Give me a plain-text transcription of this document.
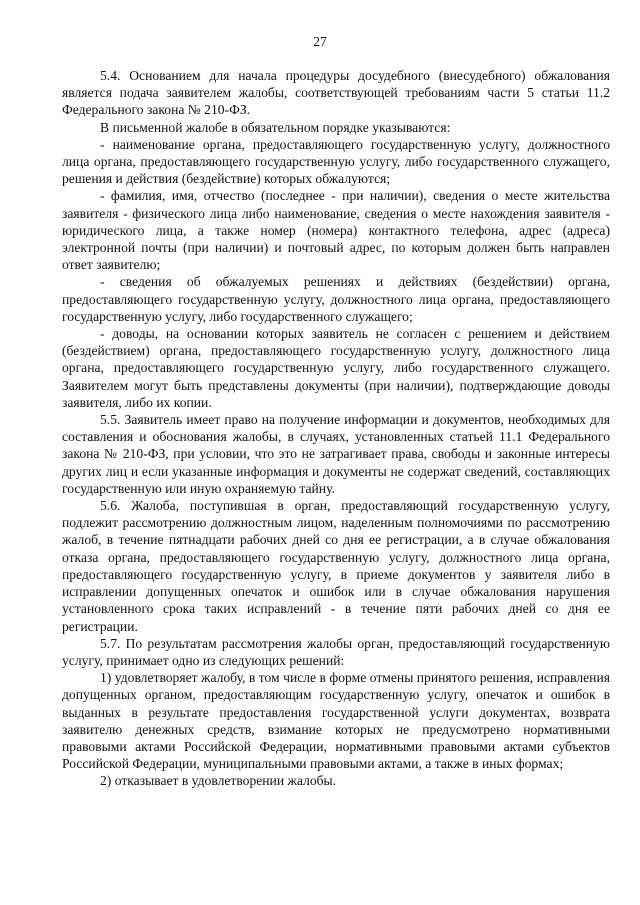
27

5.4. Основанием для начала процедуры досудебного (внесудебного) обжалования является подача заявителем жалобы, соответствующей требованиям части 5 статьи 11.2 Федерального закона № 210-ФЗ.

В письменной жалобе в обязательном порядке указываются:

- наименование органа, предоставляющего государственную услугу, должностного лица органа, предоставляющего государственную услугу, либо государственного служащего, решения и действия (бездействие) которых обжалуются;

- фамилия, имя, отчество (последнее - при наличии), сведения о месте жительства заявителя - физического лица либо наименование, сведения о месте нахождения заявителя - юридического лица, а также номер (номера) контактного телефона, адрес (адреса) электронной почты (при наличии) и почтовый адрес, по которым должен быть направлен ответ заявителю;

- сведения об обжалуемых решениях и действиях (бездействии) органа, предоставляющего государственную услугу, должностного лица органа, предоставляющего государственную услугу, либо государственного служащего;

- доводы, на основании которых заявитель не согласен с решением и действием (бездействием) органа, предоставляющего государственную услугу, должностного лица органа, предоставляющего государственную услугу, либо государственного служащего. Заявителем могут быть представлены документы (при наличии), подтверждающие доводы заявителя, либо их копии.

5.5. Заявитель имеет право на получение информации и документов, необходимых для составления и обоснования жалобы, в случаях, установленных статьей 11.1 Федерального закона № 210-ФЗ, при условии, что это не затрагивает права, свободы и законные интересы других лиц и если указанные информация и документы не содержат сведений, составляющих государственную или иную охраняемую тайну.

5.6. Жалоба, поступившая в орган, предоставляющий государственную услугу, подлежит рассмотрению должностным лицом, наделенным полномочиями по рассмотрению жалоб, в течение пятнадцати рабочих дней со дня ее регистрации, а в случае обжалования отказа органа, предоставляющего государственную услугу, должностного лица органа, предоставляющего государственную услугу, в приеме документов у заявителя либо в исправлении допущенных опечаток и ошибок или в случае обжалования нарушения установленного срока таких исправлений - в течение пяти рабочих дней со дня ее регистрации.

5.7. По результатам рассмотрения жалобы орган, предоставляющий государственную услугу, принимает одно из следующих решений:

1) удовлетворяет жалобу, в том числе в форме отмены принятого решения, исправления допущенных органом, предоставляющим государственную услугу, опечаток и ошибок в выданных в результате предоставления государственной услуги документах, возврата заявителю денежных средств, взимание которых не предусмотрено нормативными правовыми актами Российской Федерации, нормативными правовыми актами субъектов Российской Федерации, муниципальными правовыми актами, а также в иных формах;

2) отказывает в удовлетворении жалобы.
